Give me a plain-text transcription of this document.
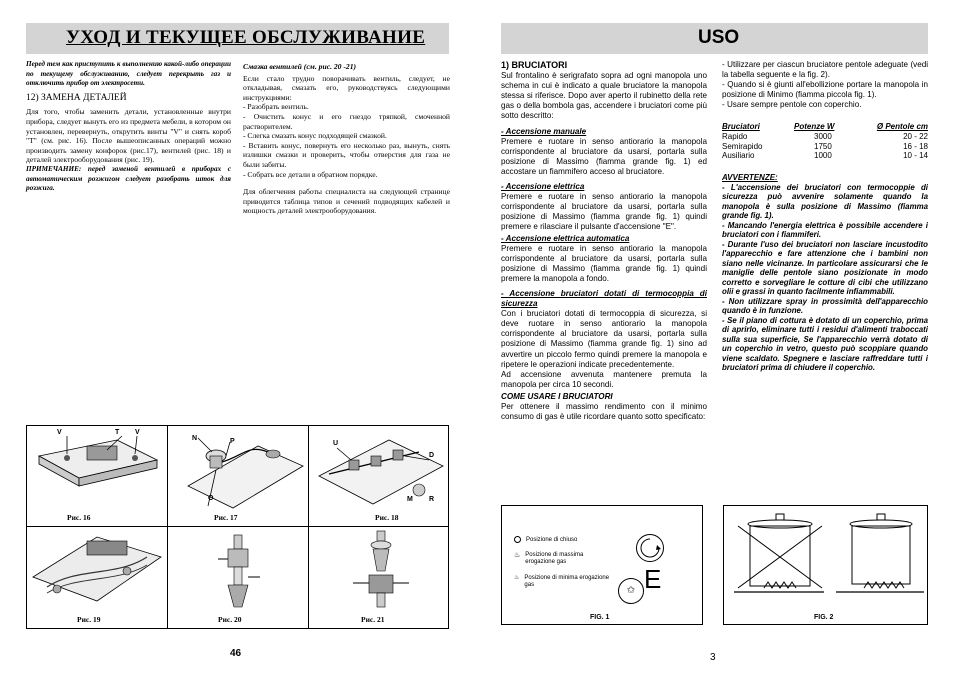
УХОД И ТЕКУЩЕЕ ОБСЛУЖИВАНИЕ

Перед тем как приступить к выполнению какой-либо операции по текущему обслуживанию, следует перекрыть газ и отключить прибор от электросети.

12) ЗАМЕНА ДЕТАЛЕЙ

Для того, чтобы заменить детали, установленные внутри прибора, следует вынуть его из предмета мебели, в котором он установлен, перевернуть, открутить винты "V" и снять короб "T" (см. рис. 16). После вышеописанных операций можно производить замену конфорок (рис.17), вентилей (рис. 18) и деталей электрооборудования (рис. 19).

ПРИМЕЧАНИЕ: перед заменой вентилей в приборах с автоматическим розжигом следует разобрать шток для розжига.

Смазка вентилей (см. рис. 20 -21)

Если стало трудно поворачивать вентиль, следует, не откладывая, смазать его, руководствуясь следующими инструкциями:

- Разобрать вентиль.
- Очистить конус и его гнездо тряпкой, смоченной растворителем.
- Слегка смазать конус подходящей смазкой.
- Вставить конус, повернуть его несколько раз, вынуть, снять излишки смазки и проверить, чтобы отверстия для газа не были забиты.
- Собрать все детали в обратном порядке.

Для облегчения работы специалиста на следующей странице приводится таблица типов и сечений подводящих кабелей и мощность деталей электрооборудования.

V	T V
Рис. 16
N	P
O
Рис. 17
U
D
M R
Рис. 18
Рис. 19	Рис. 20	Рис. 21
46
USO
1) BRUCIATORI

Sul frontalino è serigrafato sopra ad ogni manopola uno schema in cui è indicato a quale bruciatore la manopola stessa si riferisce. Dopo aver aperto il rubinetto della rete gas o della bombola gas, accendere i bruciatori come più sotto descritto:

- Accensione manuale

Premere e ruotare in senso antiorario la manopola corrispondente al bruciatore da usarsi, portarla sulla posizione di Massimo (fiamma grande fig. 1) ed accostare un fiammifero acceso al bruciatore.

- Accensione elettrica

Premere e ruotare in senso antiorario la manopola corrispondente al bruciatore da usarsi, portarla sulla posizione di Massimo (fiamma grande fig. 1) quindi premere e rilasciare il pulsante d'accensione "E".

- Accensione elettrica automatica

Premere e ruotare in senso antiorario la manopola corrispondente al bruciatore da usarsi, portarla sulla posizione di Massimo (fiamma grande fig. 1) quindi premere la manopola a fondo.

- Accensione bruciatori dotati di termocoppia di sicurezza

Con i bruciatori dotati di termocoppia di sicurezza, si deve ruotare in senso antiorario la manopola corrispondente al bruciatore da usarsi, portarla sulla posizione di Massimo (fiamma grande fig. 1) sino ad avvertire un piccolo fermo quindi premere la manopola e ripetere le operazioni indicate precedentemente.
Ad accensione avvenuta mantenere premuta la manopola per circa 10 secondi.

COME USARE I BRUCIATORI

Per ottenere il massimo rendimento con il minimo consumo di gas è utile ricordare quanto sotto specificato:

- Utilizzare per ciascun bruciatore pentole adeguate (vedi la tabella seguente e la fig. 2).
- Quando si è giunti all'ebollizione portare la manopola in posizione di Minimo (fiamma piccola fig. 1).
- Usare sempre pentole con coperchio.
Bruciatori	Potenze W	Ø Pentole cm
Rapido	3000	20 - 22
Semirapido	1750	16 - 18
Ausiliario	1000	10 - 14
AVVERTENZE:
- L'accensione dei bruciatori con termocoppie di sicurezza può avvenire solamente quando la manopola è sulla posizione di Massimo (fiamma grande fig. 1).
- Mancando l'energia elettrica è possibile accendere i bruciatori con i fiammiferi.
- Durante l'uso dei bruciatori non lasciare incustodito l'apparecchio e fare attenzione che i bambini non siano nelle vicinanze. In particolare assicurarsi che le maniglie delle pentole siano posizionate in modo corretto e sorvegliare le cotture di cibi che utilizzano olii e grassi in quanto facilmente infiammabili.
- Non utilizzare spray in prossimità dell'apparecchio quando è in funzione.
- Se il piano di cottura è dotato di un coperchio, prima di aprirlo, eliminare tutti i residui d'alimenti traboccati sulla sua superficie, Se l'apparecchio verrà dotato di un coperchio in vetro, questo può scoppiare quando viene scaldato. Spegnere e lasciare raffreddare tutti i bruciatori prima di chiudere il coperchio.
Posizione di chiuso
♨ Posizione di massima erogazione gas
♨ Posizione di minima erogazione gas
✩ E
FIG. 1	FIG. 2
3
